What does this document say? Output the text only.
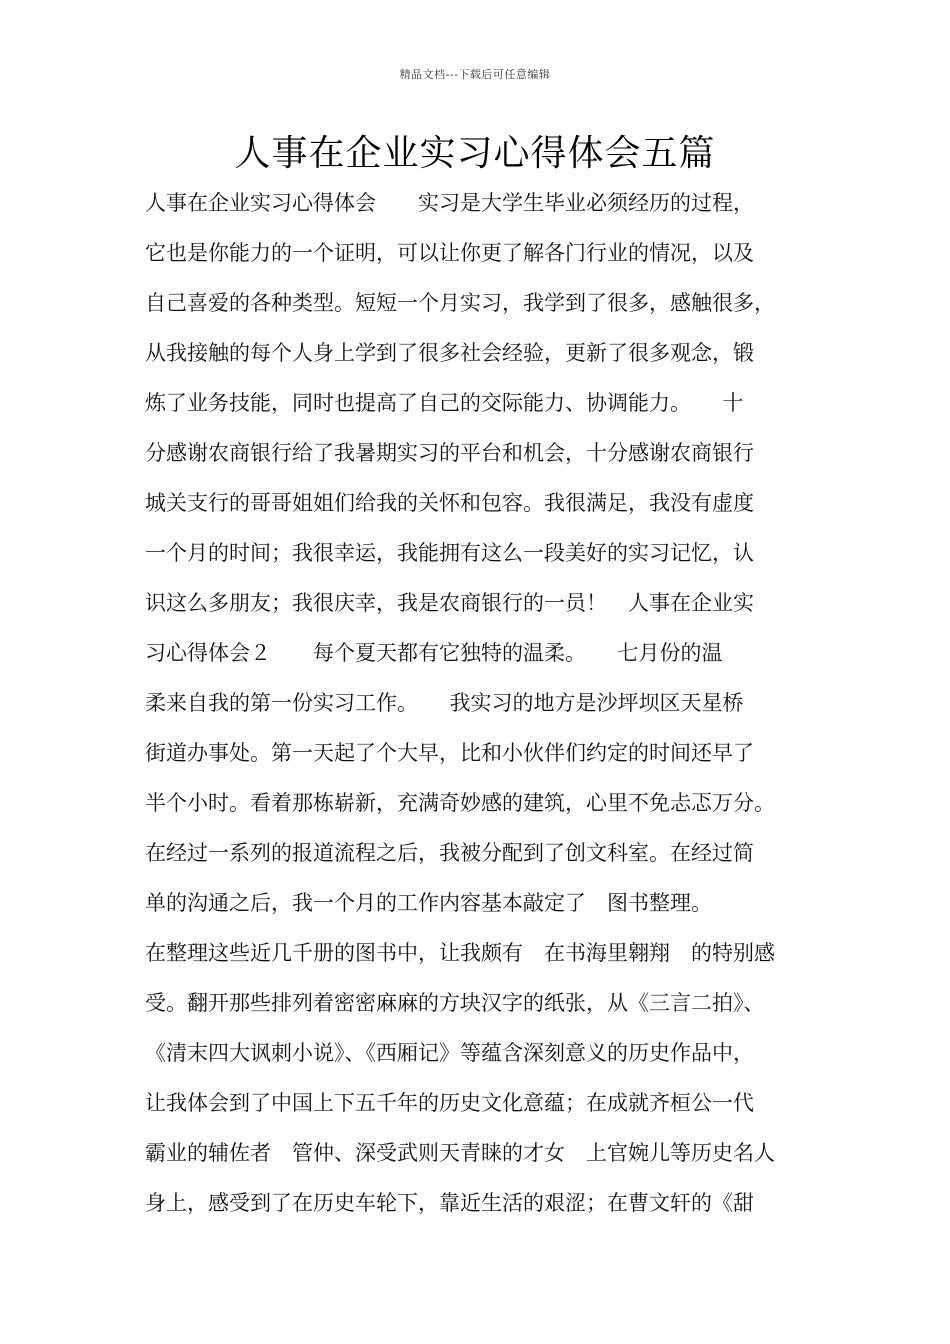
精品文档---下载后可任意编辑
人事在企业实习心得体会五篇
人事在企业实习心得体会　　实习是大学生毕业必须经历的过程，
它也是你能力的一个证明，可以让你更了解各门行业的情况，以及
自己喜爱的各种类型。短短一个月实习，我学到了很多，感触很多，
从我接触的每个人身上学到了很多社会经验，更新了很多观念，锻
炼了业务技能，同时也提高了自己的交际能力、协调能力。　　十
分感谢农商银行给了我暑期实习的平台和机会，十分感谢农商银行
城关支行的哥哥姐姐们给我的关怀和包容。我很满足，我没有虚度
一个月的时间；我很幸运，我能拥有这么一段美好的实习记忆，认
识这么多朋友；我很庆幸，我是农商银行的一员！　人事在企业实
习心得体会２　　每个夏天都有它独特的温柔。　　七月份的温
柔来自我的第一份实习工作。　　我实习的地方是沙坪坝区天星桥
街道办事处。第一天起了个大早，比和小伙伴们约定的时间还早了
半个小时。看着那栋崭新，充满奇妙感的建筑，心里不免忐忑万分。
在经过一系列的报道流程之后，我被分配到了创文科室。在经过简
单的沟通之后，我一个月的工作内容基本敲定了　图书整理。
在整理这些近几千册的图书中，让我颇有　在书海里翱翔　的特别感
受。翻开那些排列着密密麻麻的方块汉字的纸张，从《三言二拍》、
《清末四大讽刺小说》、《西厢记》等蕴含深刻意义的历史作品中，
让我体会到了中国上下五千年的历史文化意蕴；在成就齐桓公一代
霸业的辅佐者　管仲、深受武则天青睐的才女　上官婉儿等历史名人
身上，感受到了在历史车轮下，靠近生活的艰涩；在曹文轩的《甜
